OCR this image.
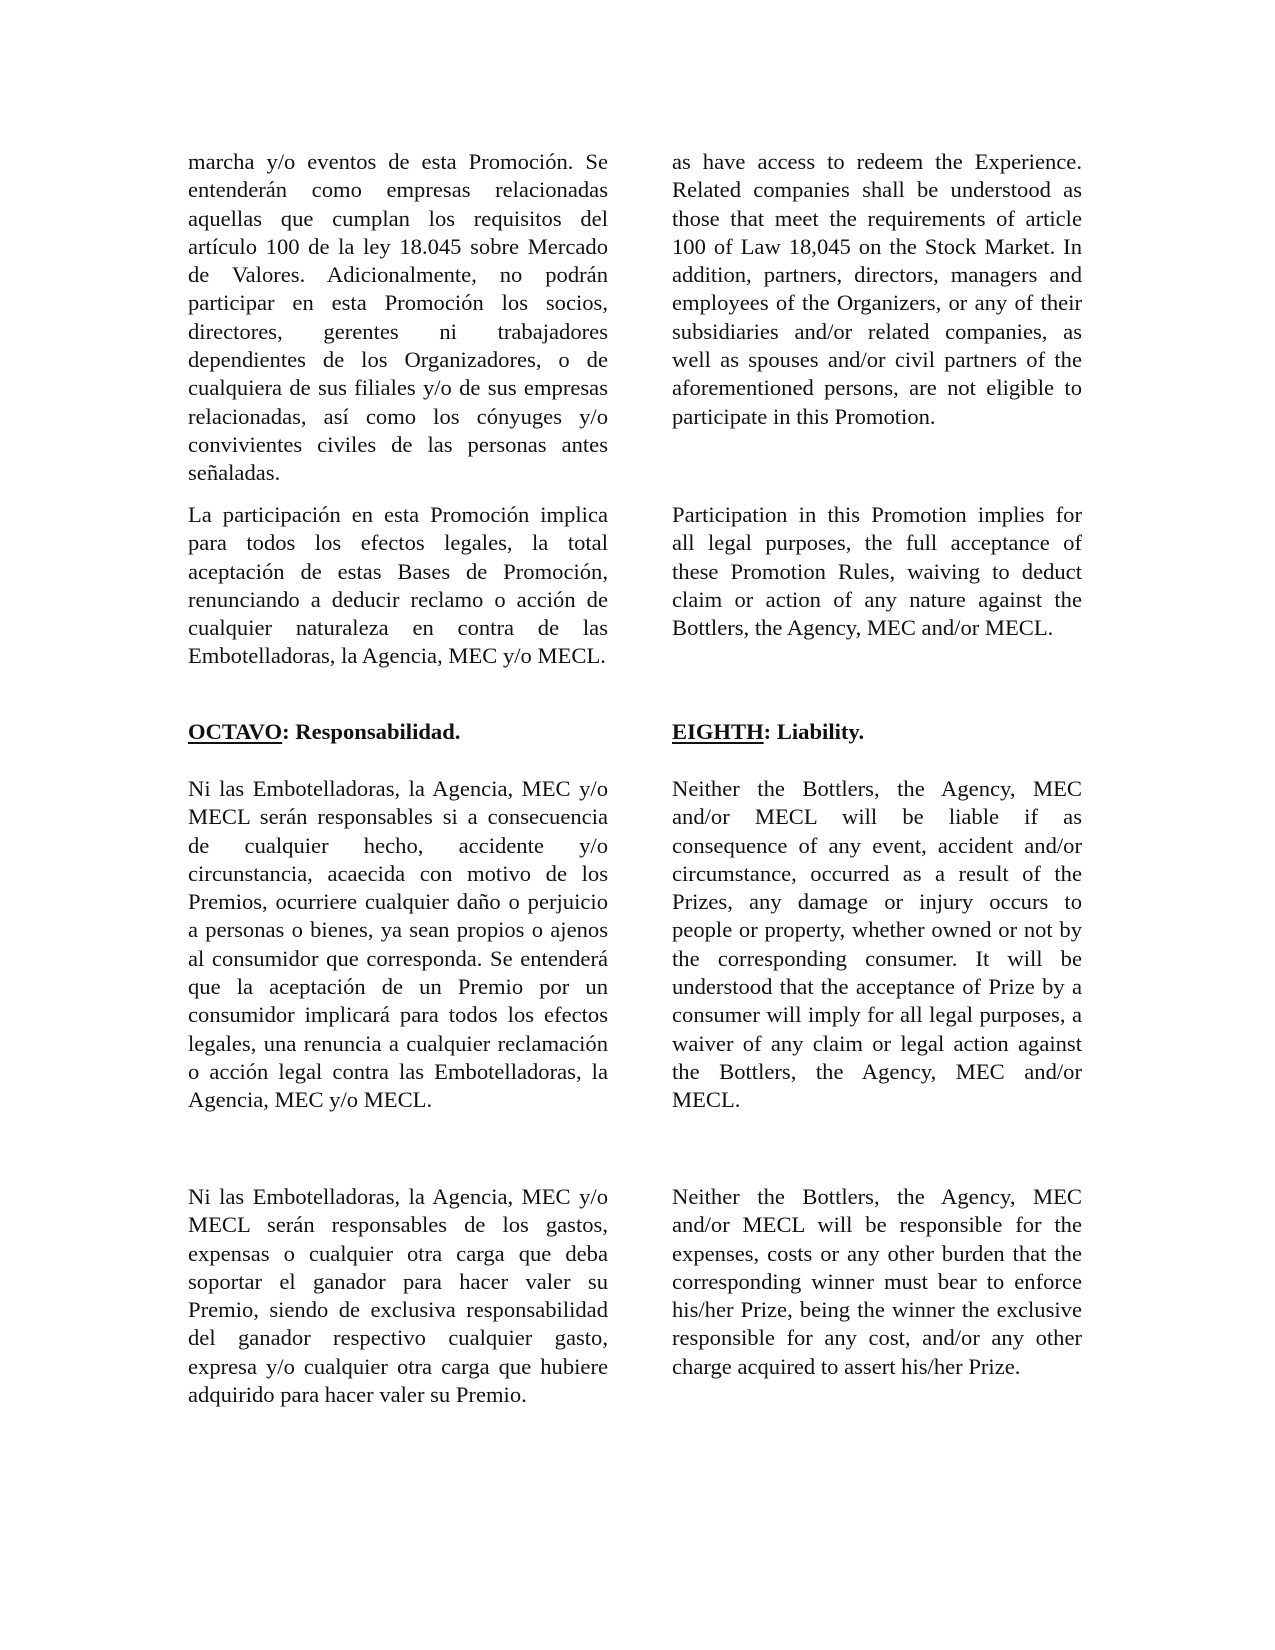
marcha y/o eventos de esta Promoción. Se entenderán como empresas relacionadas aquellas que cumplan los requisitos del artículo 100 de la ley 18.045 sobre Mercado de Valores. Adicionalmente, no podrán participar en esta Promoción los socios, directores, gerentes ni trabajadores dependientes de los Organizadores, o de cualquiera de sus filiales y/o de sus empresas relacionadas, así como los cónyuges y/o convivientes civiles de las personas antes señaladas.

La participación en esta Promoción implica para todos los efectos legales, la total aceptación de estas Bases de Promoción, renunciando a deducir reclamo o acción de cualquier naturaleza en contra de las Embotelladoras, la Agencia, MEC y/o MECL.

OCTAVO: Responsabilidad.

Ni las Embotelladoras, la Agencia, MEC y/o MECL serán responsables si a consecuencia de cualquier hecho, accidente y/o circunstancia, acaecida con motivo de los Premios, ocurriere cualquier daño o perjuicio a personas o bienes, ya sean propios o ajenos al consumidor que corresponda. Se entenderá que la aceptación de un Premio por un consumidor implicará para todos los efectos legales, una renuncia a cualquier reclamación o acción legal contra las Embotelladoras, la Agencia, MEC y/o MECL.

Ni las Embotelladoras, la Agencia, MEC y/o MECL serán responsables de los gastos, expensas o cualquier otra carga que deba soportar el ganador para hacer valer su Premio, siendo de exclusiva responsabilidad del ganador respectivo cualquier gasto, expresa y/o cualquier otra carga que hubiere adquirido para hacer valer su Premio.

as have access to redeem the Experience. Related companies shall be understood as those that meet the requirements of article 100 of Law 18,045 on the Stock Market. In addition, partners, directors, managers and employees of the Organizers, or any of their subsidiaries and/or related companies, as well as spouses and/or civil partners of the aforementioned persons, are not eligible to participate in this Promotion.

Participation in this Promotion implies for all legal purposes, the full acceptance of these Promotion Rules, waiving to deduct claim or action of any nature against the Bottlers, the Agency, MEC and/or MECL.

EIGHTH: Liability.

Neither the Bottlers, the Agency, MEC and/or MECL will be liable if as consequence of any event, accident and/or circumstance, occurred as a result of the Prizes, any damage or injury occurs to people or property, whether owned or not by the corresponding consumer. It will be understood that the acceptance of Prize by a consumer will imply for all legal purposes, a waiver of any claim or legal action against the Bottlers, the Agency, MEC and/or MECL.

Neither the Bottlers, the Agency, MEC and/or MECL will be responsible for the expenses, costs or any other burden that the corresponding winner must bear to enforce his/her Prize, being the winner the exclusive responsible for any cost, and/or any other charge acquired to assert his/her Prize.
